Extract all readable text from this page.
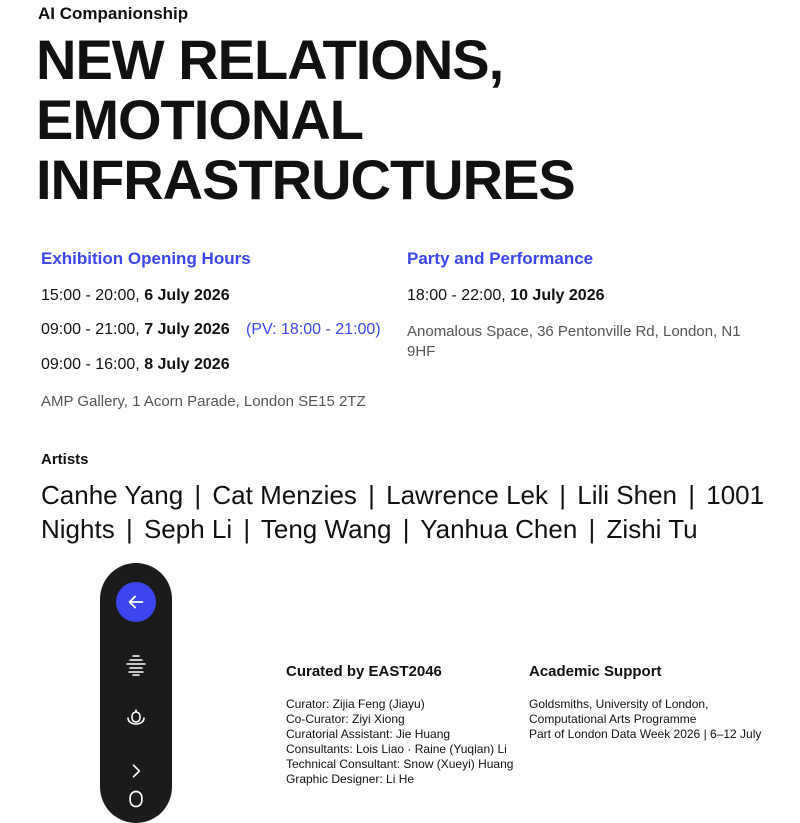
AI Companionship
NEW RELATIONS,
EMOTIONAL
INFRASTRUCTURES
Exhibition Opening Hours
15:00 - 20:00, 6 July 2026
09:00 - 21:00, 7 July 2026 (PV: 18:00 - 21:00)
09:00 - 16:00, 8 July 2026
AMP Gallery, 1 Acorn Parade, London SE15 2TZ
Party and Performance
18:00 - 22:00, 10 July 2026
Anomalous Space, 36 Pentonville Rd, London, N1 9HF
Artists
Canhe Yang | Cat Menzies | Lawrence Lek | Lili Shen | 1001 Nights | Seph Li | Teng Wang | Yanhua Chen | Zishi Tu
Curated by EAST2046
Curator: Zijia Feng (Jiayu)
Co-Curator: Ziyi Xiong
Curatorial Assistant: Jie Huang
Consultants: Lois Liao · Raine (Yuqian) Li
Technical Consultant: Snow (Xueyi) Huang
Graphic Designer: Li He
Academic Support
Goldsmiths, University of London,
Computational Arts Programme
Part of London Data Week 2026 | 6–12 July
